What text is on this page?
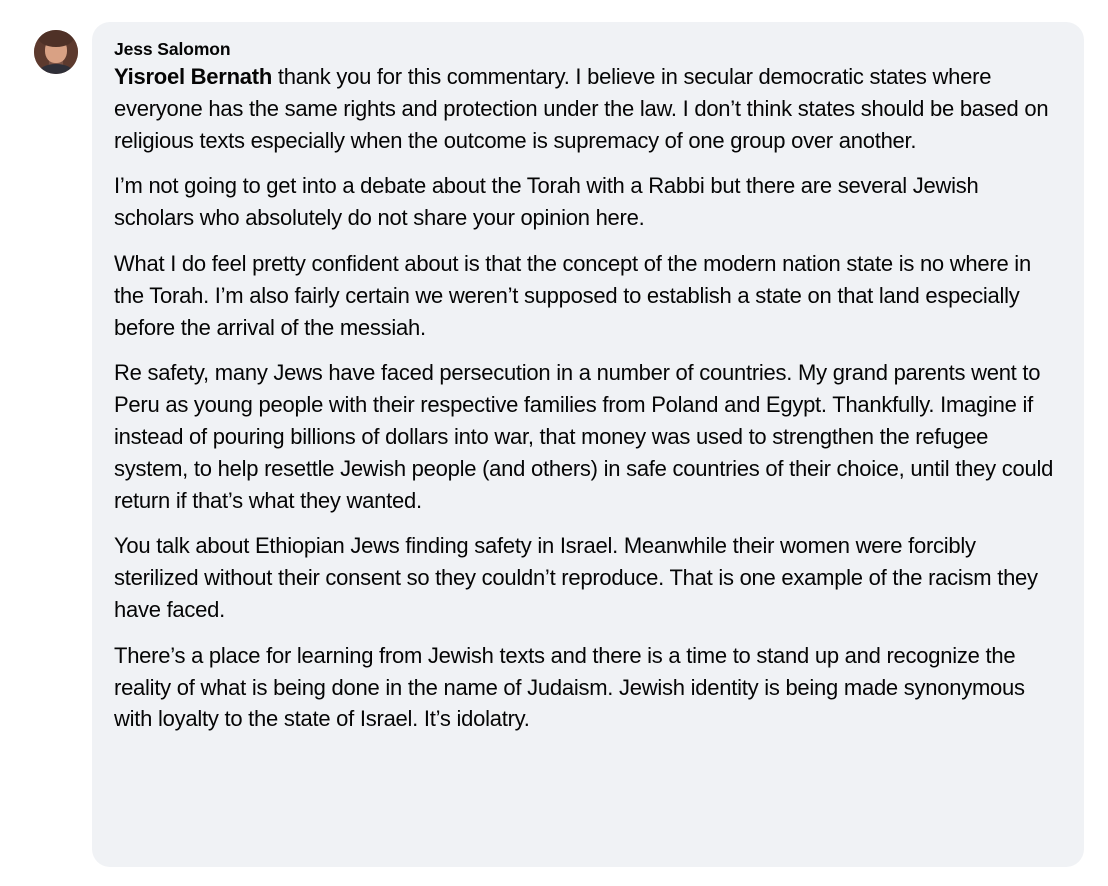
Jess Salomon

Yisroel Bernath thank you for this commentary. I believe in secular democratic states where everyone has the same rights and protection under the law. I don’t think states should be based on religious texts especially when the outcome is supremacy of one group over another.

I’m not going to get into a debate about the Torah with a Rabbi but there are several Jewish scholars who absolutely do not share your opinion here.

What I do feel pretty confident about is that the concept of the modern nation state is no where in the Torah. I’m also fairly certain we weren’t supposed to establish a state on that land especially before the arrival of the messiah.

Re safety, many Jews have faced persecution in a number of countries. My grand parents went to Peru as young people with their respective families from Poland and Egypt. Thankfully. Imagine if instead of pouring billions of dollars into war, that money was used to strengthen the refugee system, to help resettle Jewish people (and others) in safe countries of their choice, until they could return if that’s what they wanted.

You talk about Ethiopian Jews finding safety in Israel. Meanwhile their women were forcibly sterilized without their consent so they couldn’t reproduce. That is one example of the racism they have faced.

There’s a place for learning from Jewish texts and there is a time to stand up and recognize the reality of what is being done in the name of Judaism. Jewish identity is being made synonymous with loyalty to the state of Israel. It’s idolatry.
